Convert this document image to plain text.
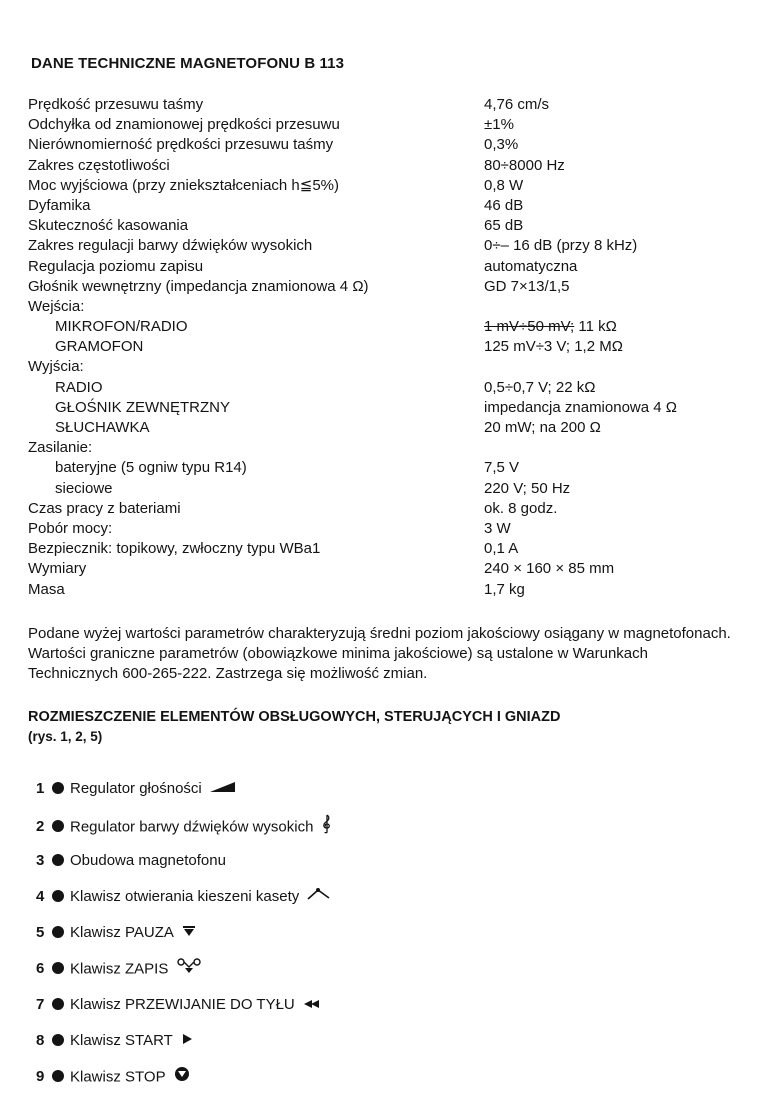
DANE TECHNICZNE MAGNETOFONU B 113
Prędkość przesuwu taśmy	4,76 cm/s
Odchyłka od znamionowej prędkości przesuwu	±1%
Nierównomierność prędkości przesuwu taśmy	0,3%
Zakres częstotliwości	80÷8000 Hz
Moc wyjściowa (przy zniekształceniach h≦5%)	0,8 W
Dyfamika	46 dB
Skuteczność kasowania	65 dB
Zakres regulacji barwy dźwięków wysokich	0÷– 16 dB (przy 8 kHz)
Regulacja poziomu zapisu	automatyczna
Głośnik wewnętrzny (impedancja znamionowa 4 Ω)	GD 7×13/1,5
Wejścia:
MIKROFON/RADIO	1 mV÷50 mV; 11 kΩ
GRAMOFON	125 mV÷3 V; 1,2 MΩ
Wyjścia:
RADIO	0,5÷0,7 V; 22 kΩ
GŁOŚNIK ZEWNĘTRZNY	impedancja znamionowa 4 Ω
SŁUCHAWKA	20 mW; na 200 Ω
Zasilanie:
bateryjne (5 ogniw typu R14)	7,5 V
sieciowe	220 V; 50 Hz
Czas pracy z bateriami	ok. 8 godz.
Pobór mocy:	3 W
Bezpiecznik: topikowy, zwłoczny typu WBa1	0,1 A
Wymiary	240 × 160 × 85 mm
Masa	1,7 kg
Podane wyżej wartości parametrów charakteryzują średni poziom jakościowy osiągany w magnetofonach. Wartości graniczne parametrów (obowiązkowe minima jakościowe) są ustalone w Warunkach Technicznych 600-265-222. Zastrzega się możliwość zmian.
ROZMIESZCZENIE ELEMENTÓW OBSŁUGOWYCH, STERUJĄCYCH I GNIAZD
(rys. 1, 2, 5)
1 Regulator głośności
2 Regulator barwy dźwięków wysokich
3 Obudowa magnetofonu
4 Klawisz otwierania kieszeni kasety
5 Klawisz PAUZA
6 Klawisz ZAPIS
7 Klawisz PRZEWIJANIE DO TYŁU
8 Klawisz START
9 Klawisz STOP
